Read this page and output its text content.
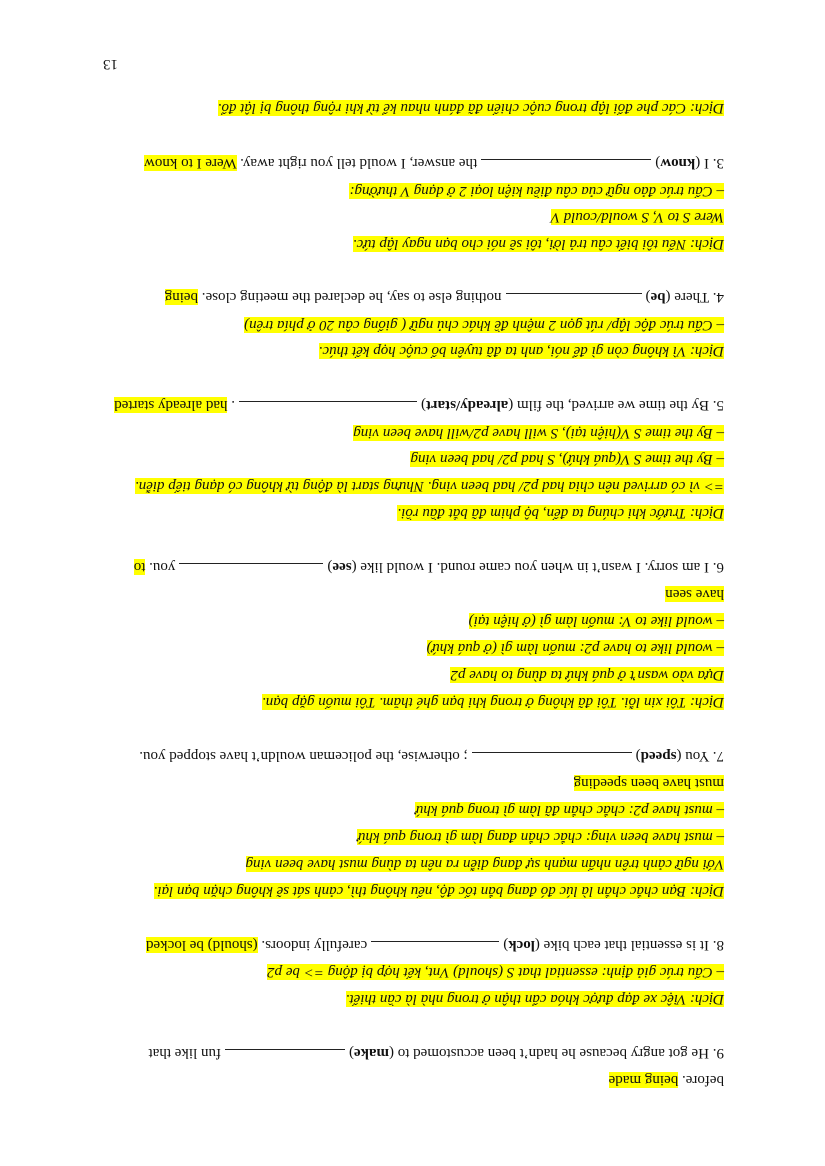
Dịch: Các phe đối lập trong cuộc chiến đã đánh nhau kể từ khi rộng thông bị lật đổ.
3. I (know)the answer, I would tell you right away. Were I to know
– Cấu trúc đảo ngữ của câu điều kiện loại 2 ở dạng V thường:
Were S to V, S would/could V
Dịch: Nếu tôi biết câu trả lời, tôi sẽ nói cho bạn ngay lập tức.
4. There (be)nothing else to say, he declared the meeting close. being
– Cấu trúc độc lập/ rút gọn 2 mệnh đề khác chủ ngữ ( giống câu 20 ở phía trên)
Dịch: Vì không còn gì để nói, anh ta đã tuyên bố cuộc họp kết thúc.
5. By the time we arrived, the film (already/start). had already started
– By the time S V(hiện tại), S will have p2/will have been ving
– By the time S V(quá khứ), S had p2/ had been ving
=> vì có arrived nên chia had p2/ had been ving. Nhưng start là động từ không có dạng tiếp diễn.
Dịch: Trước khi chúng ta đến, bộ phim đã bắt đầu rồi.
6. I am sorry. I wasn’t in when you came round. I would like (see)you. to
have seen
– would like to V: muốn làm gì (ở hiện tại)
– would like to have p2: muốn làm gì (ở quá khứ)
Dựa vào wasn’t ở quá khứ ta dùng to have p2
Dịch: Tôi xin lỗi. Tôi đã không ở trong khi bạn ghé thăm. Tôi muốn gặp bạn.
7. You (speed); otherwise, the policeman wouldn’t have stopped you.
must have been speeding
– must have p2: chắc chắn đã làm gì trong quá khứ
– must have been ving: chắc chắn đang làm gì trong quá khứ
Với ngữ cảnh trên nhấn mạnh sự đang diễn ra nên ta dùng must have been ving
Dịch: Bạn chắc chắn là lúc đó đang bắn tốc độ, nếu không thì, cảnh sát sẽ không chặn bạn lại.
8. It is essential that each bike (lock)carefully indoors. (should) be locked
– Cấu trúc giả định: essential that S (should) Vnt, kết hợp bị động => be p2
Dịch: Việc xe đạp được khóa cẩn thận ở trong nhà là cần thiết.
9. He got angry because he hadn’t been accustomed to (make)fun like that
before. being made
13
